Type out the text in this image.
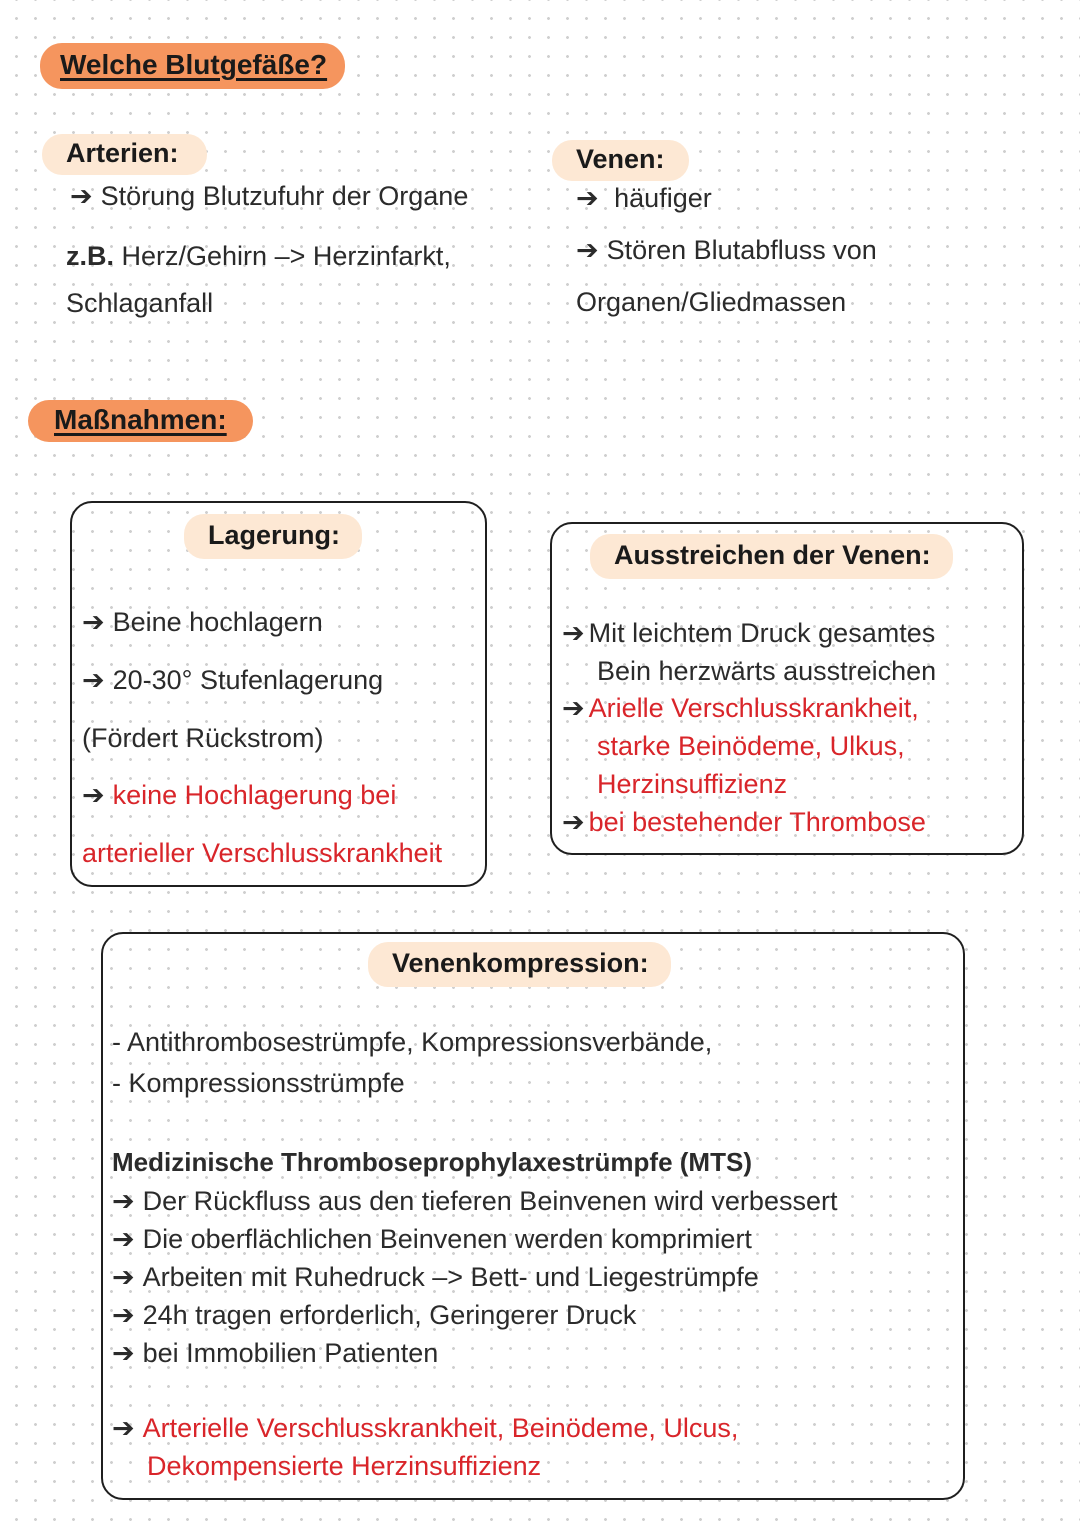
Welche Blutgefäße?
Arterien:
➔ Störung Blutzufuhr der Organe
z.B. Herz/Gehirn –> Herzinfarkt,
Schlaganfall
Venen:
➔ häufiger
➔ Stören Blutabfluss von
Organen/Gliedmassen
Maßnahmen:
Lagerung:
➔ Beine hochlagern
➔ 20-30° Stufenlagerung
(Fördert Rückstrom)
➔ keine Hochlagerung bei
arterieller Verschlusskrankheit
Ausstreichen der Venen:
➔ Mit leichtem Druck gesamtes
Bein herzwärts ausstreichen
➔ Arielle Verschlusskrankheit,
starke Beinödeme, Ulkus,
Herzinsuffizienz
➔ bei bestehender Thrombose
Venenkompression:
- Antithrombosestrümpfe, Kompressionsverbände,
- Kompressionsstrümpfe
Medizinische Thromboseprophylaxestrümpfe (MTS)
➔ Der Rückfluss aus den tieferen Beinvenen wird verbessert
➔ Die oberflächlichen Beinvenen werden komprimiert
➔ Arbeiten mit Ruhedruck –> Bett- und Liegestrümpfe
➔ 24h tragen erforderlich, Geringerer Druck
➔ bei Immobilien Patienten
➔ Arterielle Verschlusskrankheit, Beinödeme, Ulcus,
Dekompensierte Herzinsuffizienz
